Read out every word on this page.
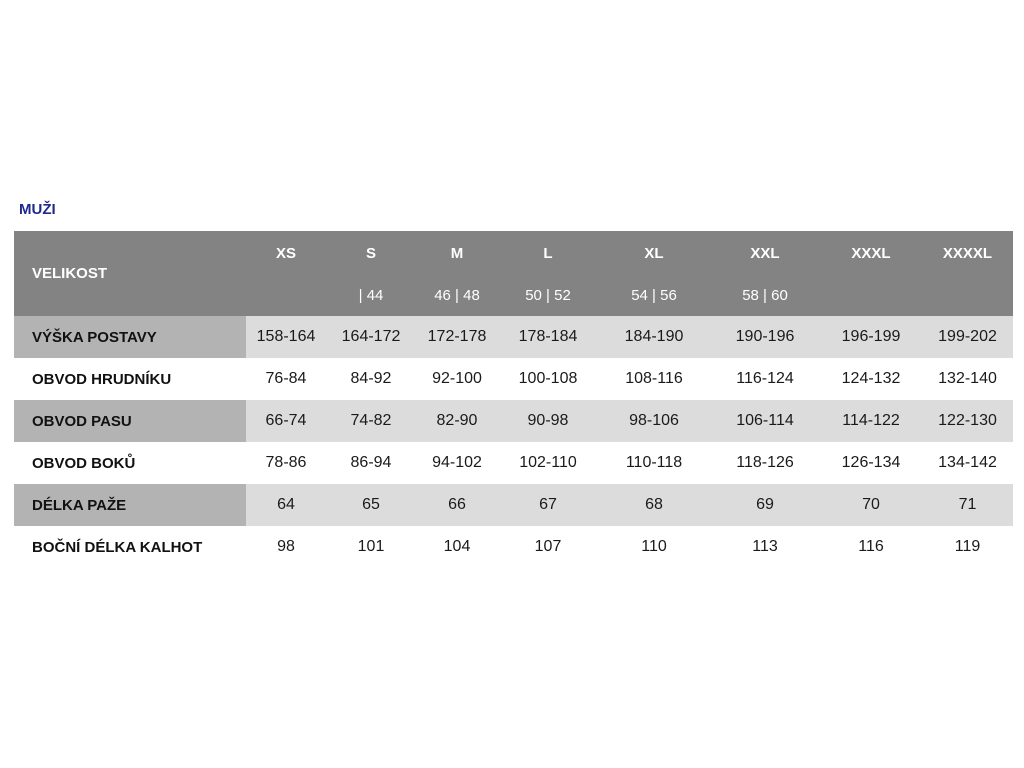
MUŽI
VELIKOST	XS	S	M	L	XL	XXL	XXXL	XXXXL
		| 44	46 | 48	50 | 52	54 | 56	58 | 60		
VÝŠKA POSTAVY	158-164	164-172	172-178	178-184	184-190	190-196	196-199	199-202
OBVOD HRUDNÍKU	76-84	84-92	92-100	100-108	108-116	116-124	124-132	132-140
OBVOD PASU	66-74	74-82	82-90	90-98	98-106	106-114	114-122	122-130
OBVOD BOKŮ	78-86	86-94	94-102	102-110	110-118	118-126	126-134	134-142
DÉLKA PAŽE	64	65	66	67	68	69	70	71
BOČNÍ DÉLKA KALHOT	98	101	104	107	110	113	116	119
